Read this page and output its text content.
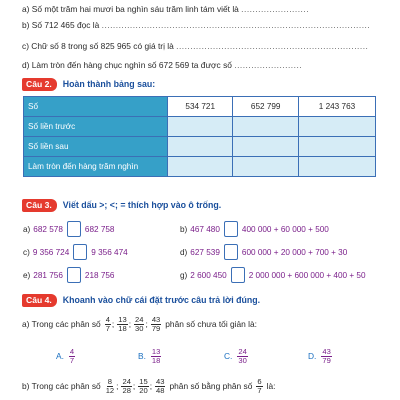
a) Số một trăm hai mươi ba nghìn sáu trăm linh tám viết là ........................
b) Số 712 465 đọc là ...............................................................................................
c) Chữ số 8 trong số 825 965 có giá trị là ....................................................................
d) Làm tròn đến hàng chục nghìn số 672 569 ta được số ........................
Câu 2.	Hoàn thành bảng sau:
Số	534 721	652 799	1 243 763
Số liền trước			
Số liền sau			
Làm tròn đến hàng trăm nghìn			
Câu 3.	Viết dấu >; <; = thích hợp vào ô trống.
a) 682 578	682 758	b) 467 480	400 000 + 60 000 + 500
c) 9 356 724	9 356 474	d) 627 539	600 000 + 20 000 + 700 + 30
e) 281 756	218 756	g) 2 600 450	2 000 000 + 600 000 + 400 + 50
Câu 4.	Khoanh vào chữ cái đặt trước câu trả lời đúng.
a) Trong các phân số $\frac{4}{7}$ ; $\frac{13}{18}$ ; $\frac{24}{30}$ ; $\frac{43}{79}$ phân số chưa tối giản là:
A. $\frac{4}{7}$	B. $\frac{13}{18}$	C. $\frac{24}{30}$	D. $\frac{43}{79}$
b) Trong các phân số $\frac{8}{12}$ ; $\frac{24}{28}$ ; $\frac{15}{20}$ ; $\frac{43}{48}$ phân số bằng phân số $\frac{6}{7}$ là:
